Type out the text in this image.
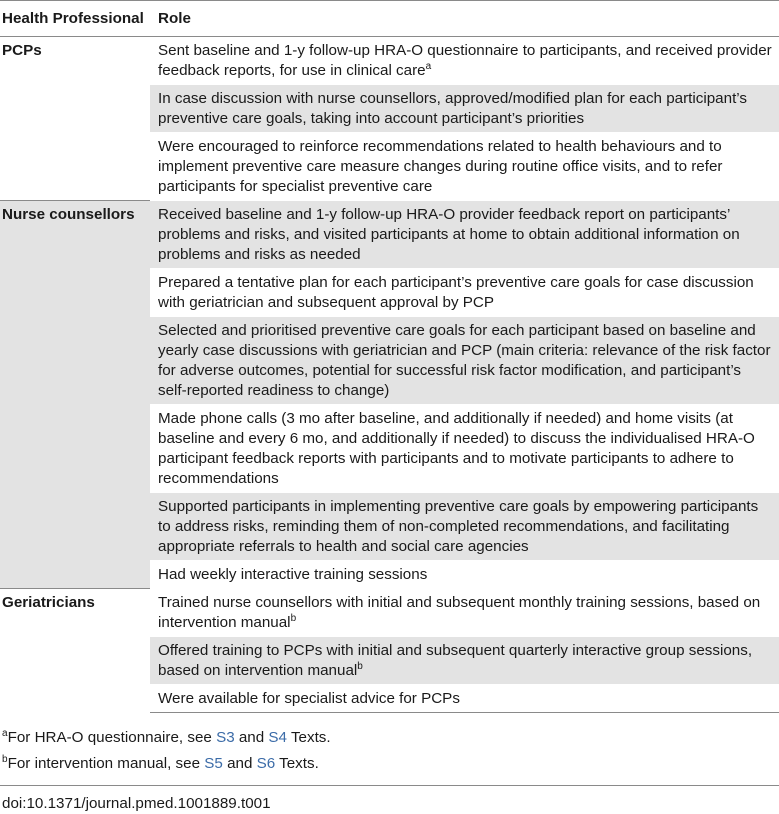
Health Professional	Role
PCPs	Sent baseline and 1-y follow-up HRA-O questionnaire to participants, and received provider feedback reports, for use in clinical care$^a$
	In case discussion with nurse counsellors, approved/modified plan for each participant’s preventive care goals, taking into account participant’s priorities
	Were encouraged to reinforce recommendations related to health behaviours and to implement preventive care measure changes during routine office visits, and to refer participants for specialist preventive care
Nurse counsellors	Received baseline and 1-y follow-up HRA-O provider feedback report on participants’ problems and risks, and visited participants at home to obtain additional information on problems and risks as needed
	Prepared a tentative plan for each participant’s preventive care goals for case discussion with geriatrician and subsequent approval by PCP
	Selected and prioritised preventive care goals for each participant based on baseline and yearly case discussions with geriatrician and PCP (main criteria: relevance of the risk factor for adverse outcomes, potential for successful risk factor modification, and participant’s self-reported readiness to change)
	Made phone calls (3 mo after baseline, and additionally if needed) and home visits (at baseline and every 6 mo, and additionally if needed) to discuss the individualised HRA-O participant feedback reports with participants and to motivate participants to adhere to recommendations
	Supported participants in implementing preventive care goals by empowering participants to address risks, reminding them of non-completed recommendations, and facilitating appropriate referrals to health and social care agencies
	Had weekly interactive training sessions
Geriatricians	Trained nurse counsellors with initial and subsequent monthly training sessions, based on intervention manual$^b$
	Offered training to PCPs with initial and subsequent quarterly interactive group sessions, based on intervention manual$^b$
	Were available for specialist advice for PCPs
$^a$For HRA-O questionnaire, see S3 and S4 Texts.
$^b$For intervention manual, see S5 and S6 Texts.
doi:10.1371/journal.pmed.1001889.t001
